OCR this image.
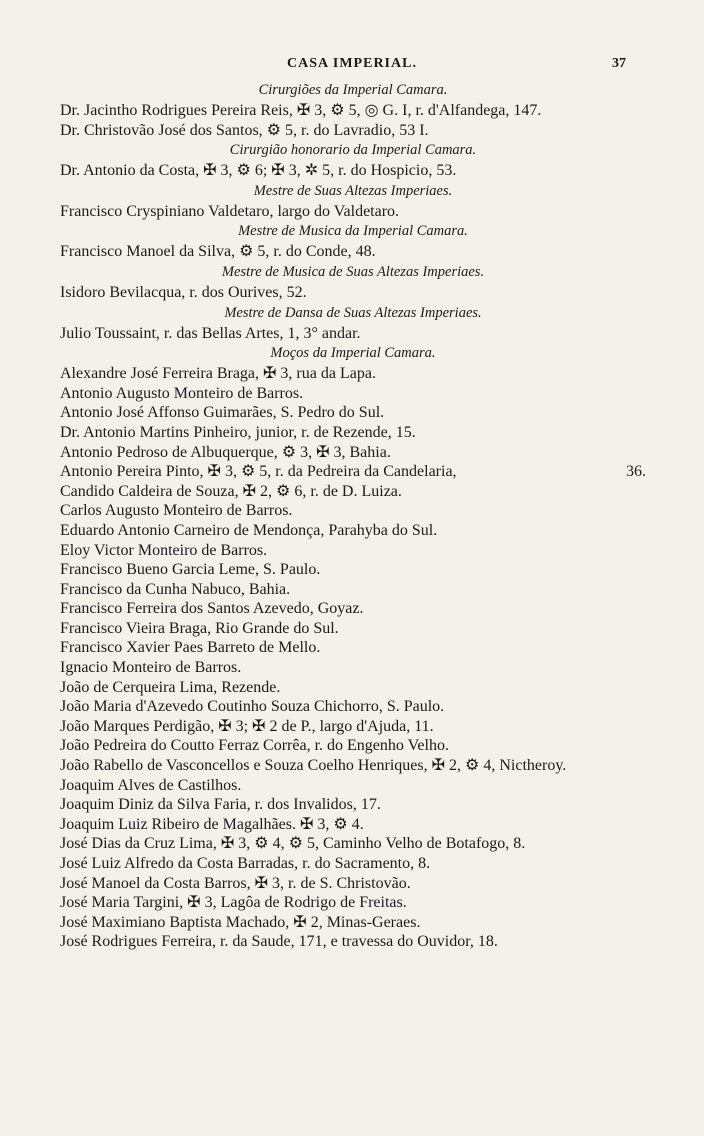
CASA IMPERIAL.	37
Cirurgiões da Imperial Camara.
Dr. Jacintho Rodrigues Pereira Reis, ✠ 3, ⚙ 5, ◎ G. I, r. d'Alfandega, 147.
Dr. Christovão José dos Santos, ⚙ 5, r. do Lavradio, 53 I.
Cirurgião honorario da Imperial Camara.
Dr. Antonio da Costa, ✠ 3, ⚙ 6; ✠ 3, ✲ 5, r. do Hospicio, 53.
Mestre de Suas Altezas Imperiaes.
Francisco Cryspiniano Valdetaro, largo do Valdetaro.
Mestre de Musica da Imperial Camara.
Francisco Manoel da Silva, ⚙ 5, r. do Conde, 48.
Mestre de Musica de Suas Altezas Imperiaes.
Isidoro Bevilacqua, r. dos Ourives, 52.
Mestre de Dansa de Suas Altezas Imperiaes.
Julio Toussaint, r. das Bellas Artes, 1, 3° andar.
Moços da Imperial Camara.
Alexandre José Ferreira Braga, ✠ 3, rua da Lapa.
Antonio Augusto Monteiro de Barros.
Antonio José Affonso Guimarães, S. Pedro do Sul.
Dr. Antonio Martins Pinheiro, junior, r. de Rezende, 15.
Antonio Pedroso de Albuquerque, ⚙ 3, ✠ 3, Bahia.
Antonio Pereira Pinto, ✠ 3, ⚙ 5, r. da Pedreira da Candelaria,	36.
Candido Caldeira de Souza, ✠ 2, ⚙ 6, r. de D. Luiza.
Carlos Augusto Monteiro de Barros.
Eduardo Antonio Carneiro de Mendonça, Parahyba do Sul.
Eloy Victor Monteiro de Barros.
Francisco Bueno Garcia Leme, S. Paulo.
Francisco da Cunha Nabuco, Bahia.
Francisco Ferreira dos Santos Azevedo, Goyaz.
Francisco Vieira Braga, Rio Grande do Sul.
Francisco Xavier Paes Barreto de Mello.
Ignacio Monteiro de Barros.
João de Cerqueira Lima, Rezende.
João Maria d'Azevedo Coutinho Souza Chichorro, S. Paulo.
João Marques Perdigão, ✠ 3; ✠ 2 de P., largo d'Ajuda, 11.
João Pedreira do Coutto Ferraz Corrêa, r. do Engenho Velho.
João Rabello de Vasconcellos e Souza Coelho Henriques, ✠ 2, ⚙ 4, Nictheroy.
Joaquim Alves de Castilhos.
Joaquim Diniz da Silva Faria, r. dos Invalidos, 17.
Joaquim Luiz Ribeiro de Magalhães. ✠ 3, ⚙ 4.
José Dias da Cruz Lima, ✠ 3, ⚙ 4, ⚙ 5, Caminho Velho de Botafogo, 8.
José Luiz Alfredo da Costa Barradas, r. do Sacramento, 8.
José Manoel da Costa Barros, ✠ 3, r. de S. Christovão.
José Maria Targini, ✠ 3, Lagôa de Rodrigo de Freitas.
José Maximiano Baptista Machado, ✠ 2, Minas-Geraes.
José Rodrigues Ferreira, r. da Saude, 171, e travessa do Ouvidor, 18.
